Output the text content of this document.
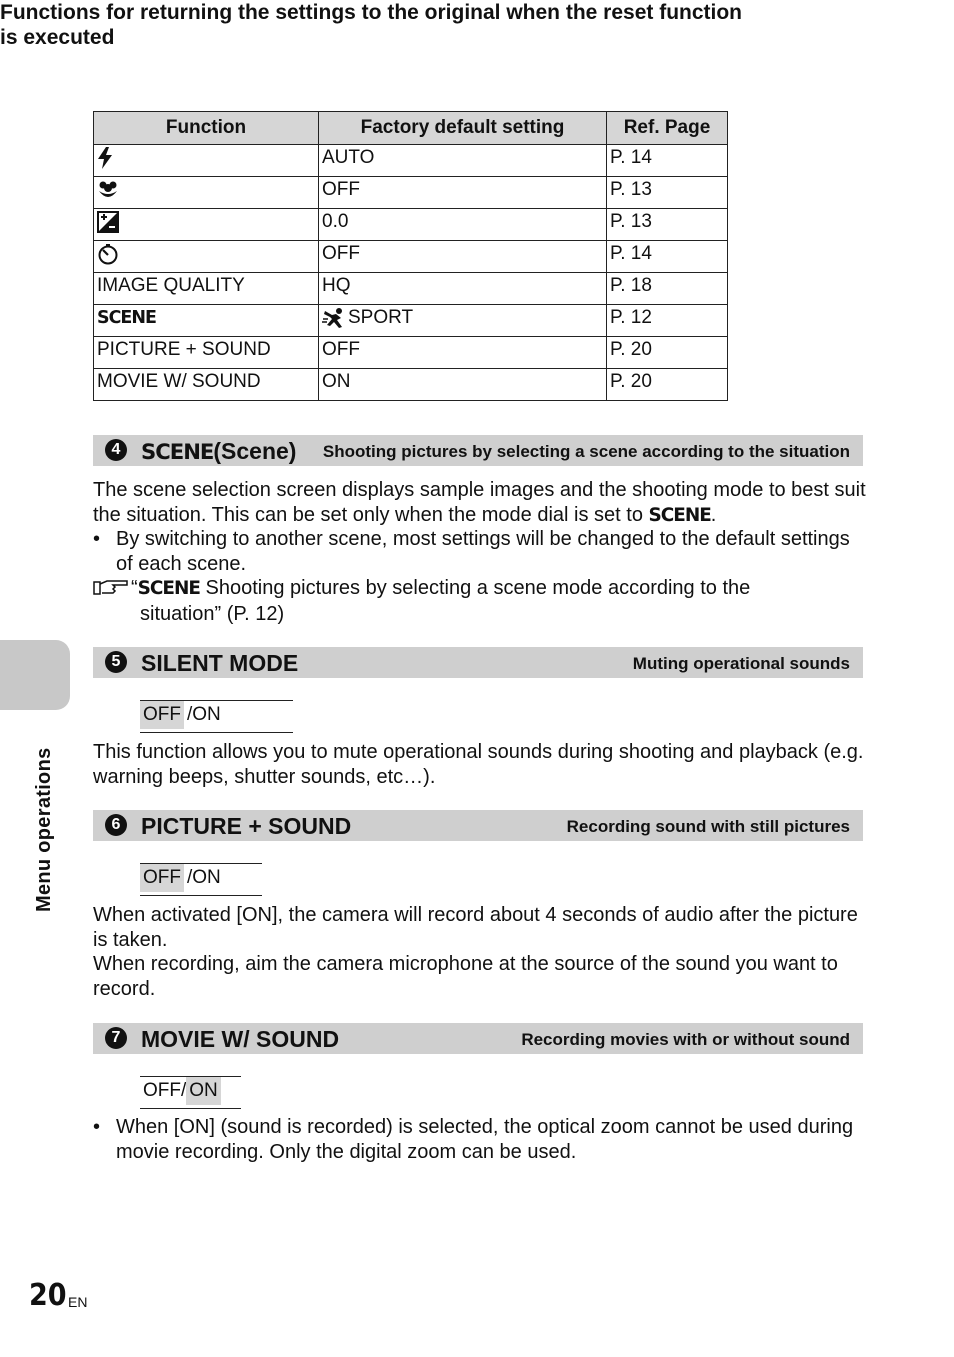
Functions for returning the settings to the original when the reset function is executed
Function	Factory default setting	Ref. Page
	AUTO	P. 14
	OFF	P. 13
	0.0	P. 13
	OFF	P. 14
IMAGE QUALITY	HQ	P. 18
SCENE	SPORT	P. 12
PICTURE + SOUND	OFF	P. 20
MOVIE W/ SOUND	ON	P. 20
4 SCENE(Scene) Shooting pictures by selecting a scene according to the situation
The scene selection screen displays sample images and the shooting mode to best suit the situation. This can be set only when the mode dial is set to SCENE.
• By switching to another scene, most settings will be changed to the default settings of each scene.
“SCENE Shooting pictures by selecting a scene mode according to the
situation” (P. 12)
5 SILENT MODE	Muting operational sounds
OFF /ON
This function allows you to mute operational sounds during shooting and playback (e.g. warning beeps, shutter sounds, etc…).
6 PICTURE + SOUND	Recording sound with still pictures
OFF /ON
When activated [ON], the camera will record about 4 seconds of audio after the picture is taken.
When recording, aim the camera microphone at the source of the sound you want to record.
7 MOVIE W/ SOUND	Recording movies with or without sound
OFF/ ON
• When [ON] (sound is recorded) is selected, the optical zoom cannot be used during movie recording. Only the digital zoom can be used.
Menu operations
20 EN
